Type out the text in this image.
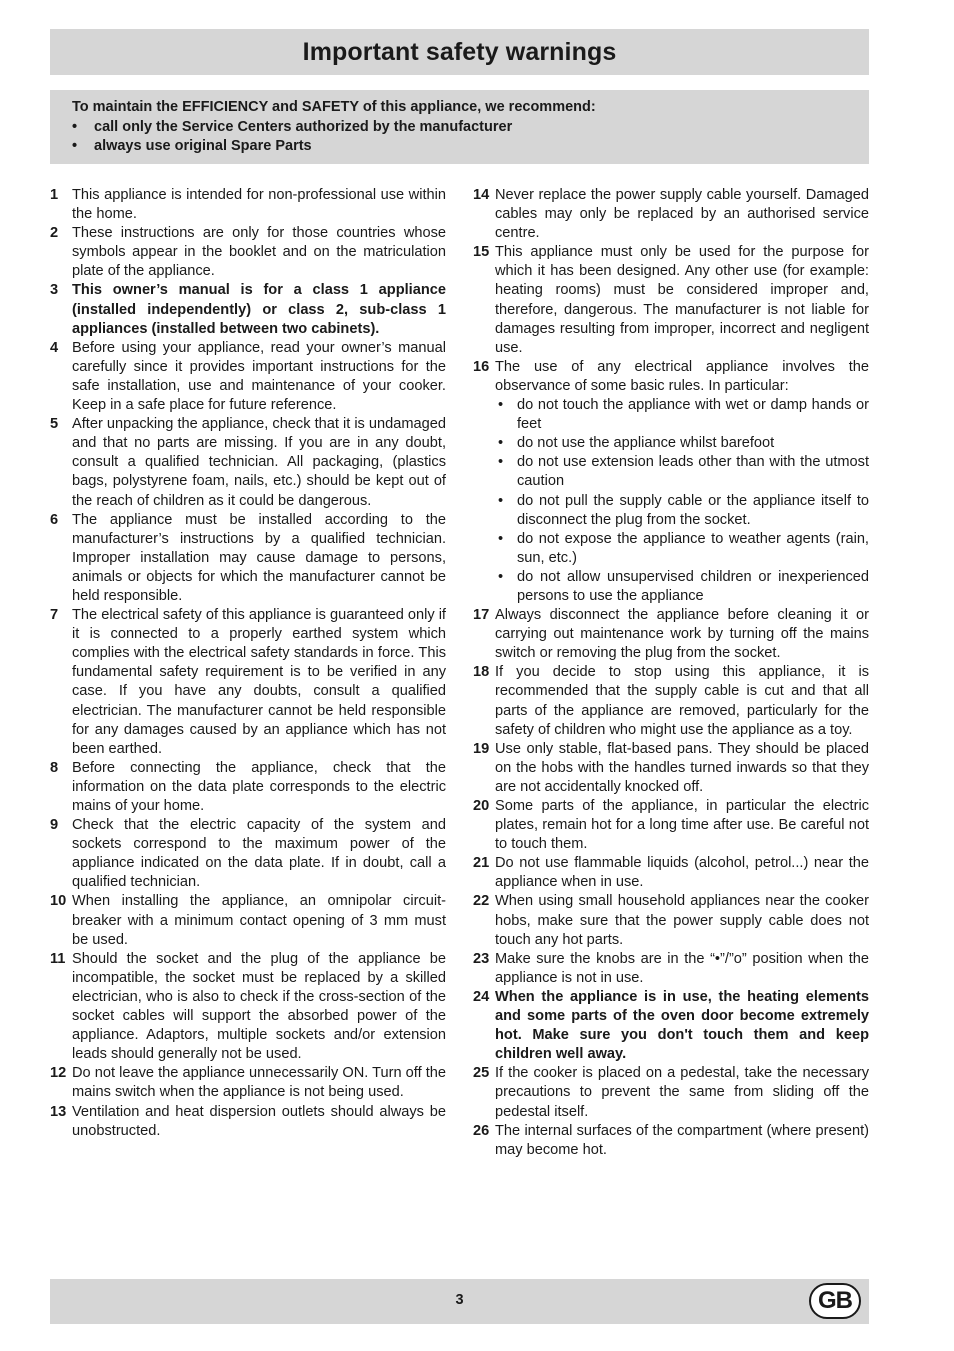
Important safety warnings
To maintain the EFFICIENCY and SAFETY of this appliance, we recommend:
• call only the Service Centers authorized by the manufacturer
• always use original Spare Parts
1 This appliance is intended for non-professional use within the home.
2 These instructions are only for those countries whose symbols appear in the booklet and on the matriculation plate of the appliance.
3 This owner’s manual is for a class 1 appliance (installed independently) or class 2, sub-class 1 appliances (installed between two cabinets).
4 Before using your appliance, read your owner’s manual carefully since it provides important instructions for the safe installation, use and maintenance of your cooker. Keep in a safe place for future reference.
5 After unpacking the appliance, check that it is undamaged and that no parts are missing. If you are in any doubt, consult a qualified technician. All packaging, (plastics bags, polystyrene foam, nails, etc.) should be kept out of the reach of children as it could be dangerous.
6 The appliance must be installed according to the manufacturer’s instructions by a qualified technician. Improper installation may cause damage to persons, animals or objects for which the manufacturer cannot be held responsible.
7 The electrical safety of this appliance is guaranteed only if it is connected to a properly earthed system which complies with the electrical safety standards in force. This fundamental safety requirement is to be verified in any case. If you have any doubts, consult a qualified electrician. The manufacturer cannot be held responsible for any damages caused by an appliance which has not been earthed.
8 Before connecting the appliance, check that the information on the data plate corresponds to the electric mains of your home.
9 Check that the electric capacity of the system and sockets correspond to the maximum power of the appliance indicated on the data plate. If in doubt, call a qualified technician.
10 When installing the appliance, an omnipolar circuit-breaker with a minimum contact opening of 3 mm must be used.
11 Should the socket and the plug of the appliance be incompatible, the socket must be replaced by a skilled electrician, who is also to check if the cross-section of the socket cables will support the absorbed power of the appliance. Adaptors, multiple sockets and/or extension leads should generally not be used.
12 Do not leave the appliance unnecessarily ON. Turn off the mains switch when the appliance is not being used.
13 Ventilation and heat dispersion outlets should always be unobstructed.
14 Never replace the power supply cable yourself. Damaged cables may only be replaced by an authorised service centre.
15 This appliance must only be used for the purpose for which it has been designed. Any other use (for example: heating rooms) must be considered improper and, therefore, dangerous. The manufacturer is not liable for damages resulting from improper, incorrect and negligent use.
16 The use of any electrical appliance involves the observance of some basic rules. In particular:
• do not touch the appliance with wet or damp hands or feet
• do not use the appliance whilst barefoot
• do not use extension leads other than with the utmost caution
• do not pull the supply cable or the appliance itself to disconnect the plug from the socket.
• do not expose the appliance to weather agents (rain, sun, etc.)
• do not allow unsupervised children or inexperienced persons to use the appliance
17 Always disconnect the appliance before cleaning it or carrying out maintenance work by turning off the mains switch or removing the plug from the socket.
18 If you decide to stop using this appliance, it is recommended that the supply cable is cut and that all parts of the appliance are removed, particularly for the safety of children who might use the appliance as a toy.
19 Use only stable, flat-based pans. They should be placed on the hobs with the handles turned inwards so that they are not accidentally knocked off.
20 Some parts of the appliance, in particular the electric plates, remain hot for a long time after use. Be careful not to touch them.
21 Do not use flammable liquids (alcohol, petrol...) near the appliance when in use.
22 When using small household appliances near the cooker hobs, make sure that the power supply cable does not touch any hot parts.
23 Make sure the knobs are in the “•”/”o” position when the appliance is not in use.
24 When the appliance is in use, the heating elements and some parts of the oven door become extremely hot. Make sure you don't touch them and keep children well away.
25 If the cooker is placed on a pedestal, take the necessary precautions to prevent the same from sliding off the pedestal itself.
26 The internal surfaces of the compartment (where present) may become hot.
3	GB
